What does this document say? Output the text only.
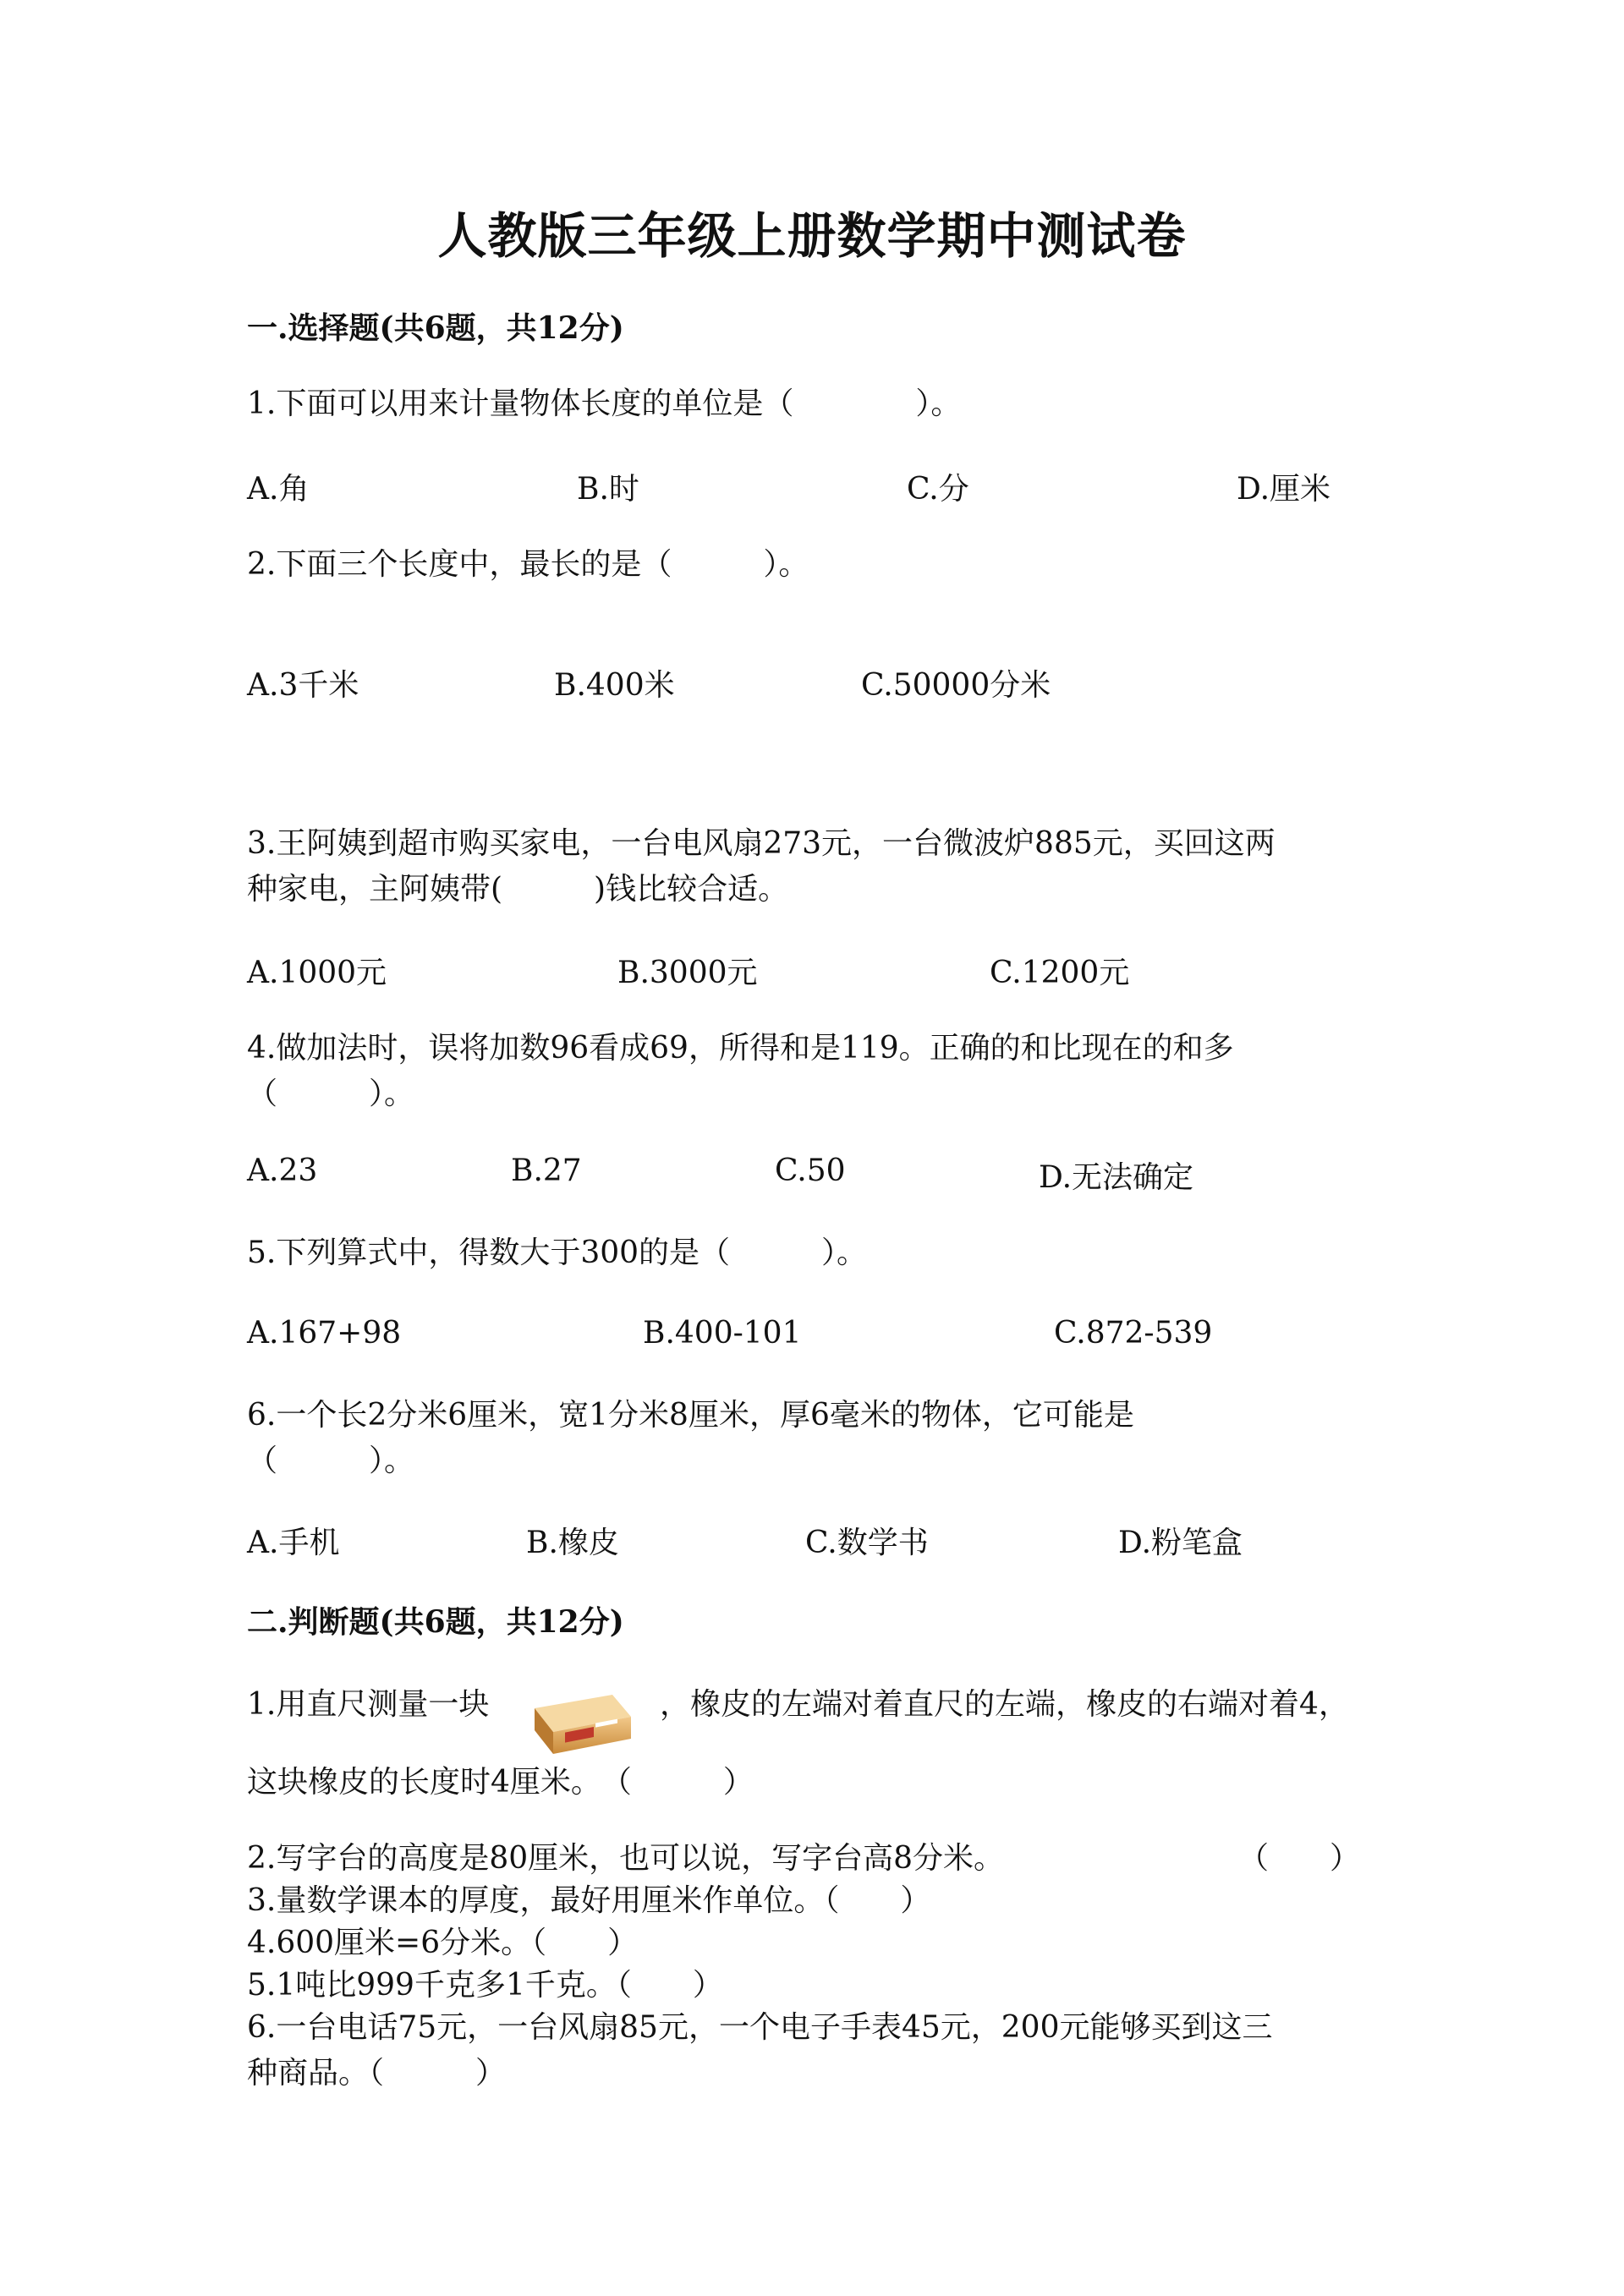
人教版三年级上册数学期中测试卷
一.选择题(共6题，共12分)
1.下面可以用来计量物体长度的单位是（　　　　）。
A.角	B.时	C.分	D.厘米
2.下面三个长度中，最长的是（　　　）。
A.3千米	B.400米	C.50000分米
3.王阿姨到超市购买家电，一台电风扇273元，一台微波炉885元，买回这两
种家电，主阿姨带(　　　)钱比较合适。
A.1000元	B.3000元	C.1200元
4.做加法时，误将加数96看成69，所得和是119。正确的和比现在的和多
（　　　）。
A.23	B.27	C.50	D.无法确定
5.下列算式中，得数大于300的是（　　　）。
A.167+98	B.400-101	C.872-539
6.一个长2分米6厘米，宽1分米8厘米，厚6毫米的物体，它可能是
（　　　）。
A.手机	B.橡皮	C.数学书	D.粉笔盒
二.判断题(共6题，共12分)
1.用直尺测量一块	，橡皮的左端对着直尺的左端，橡皮的右端对着4，
这块橡皮的长度时4厘米。　（　　　）
2.写字台的高度是80厘米，也可以说，写字台高8分米。	（　　）
3.量数学课本的厚度，最好用厘米作单位。（　　）
4.600厘米=6分米。（　　）
5.1吨比999千克多1千克。（　　）
6.一台电话75元，一台风扇85元，一个电子手表45元，200元能够买到这三
种商品。（　　　）
